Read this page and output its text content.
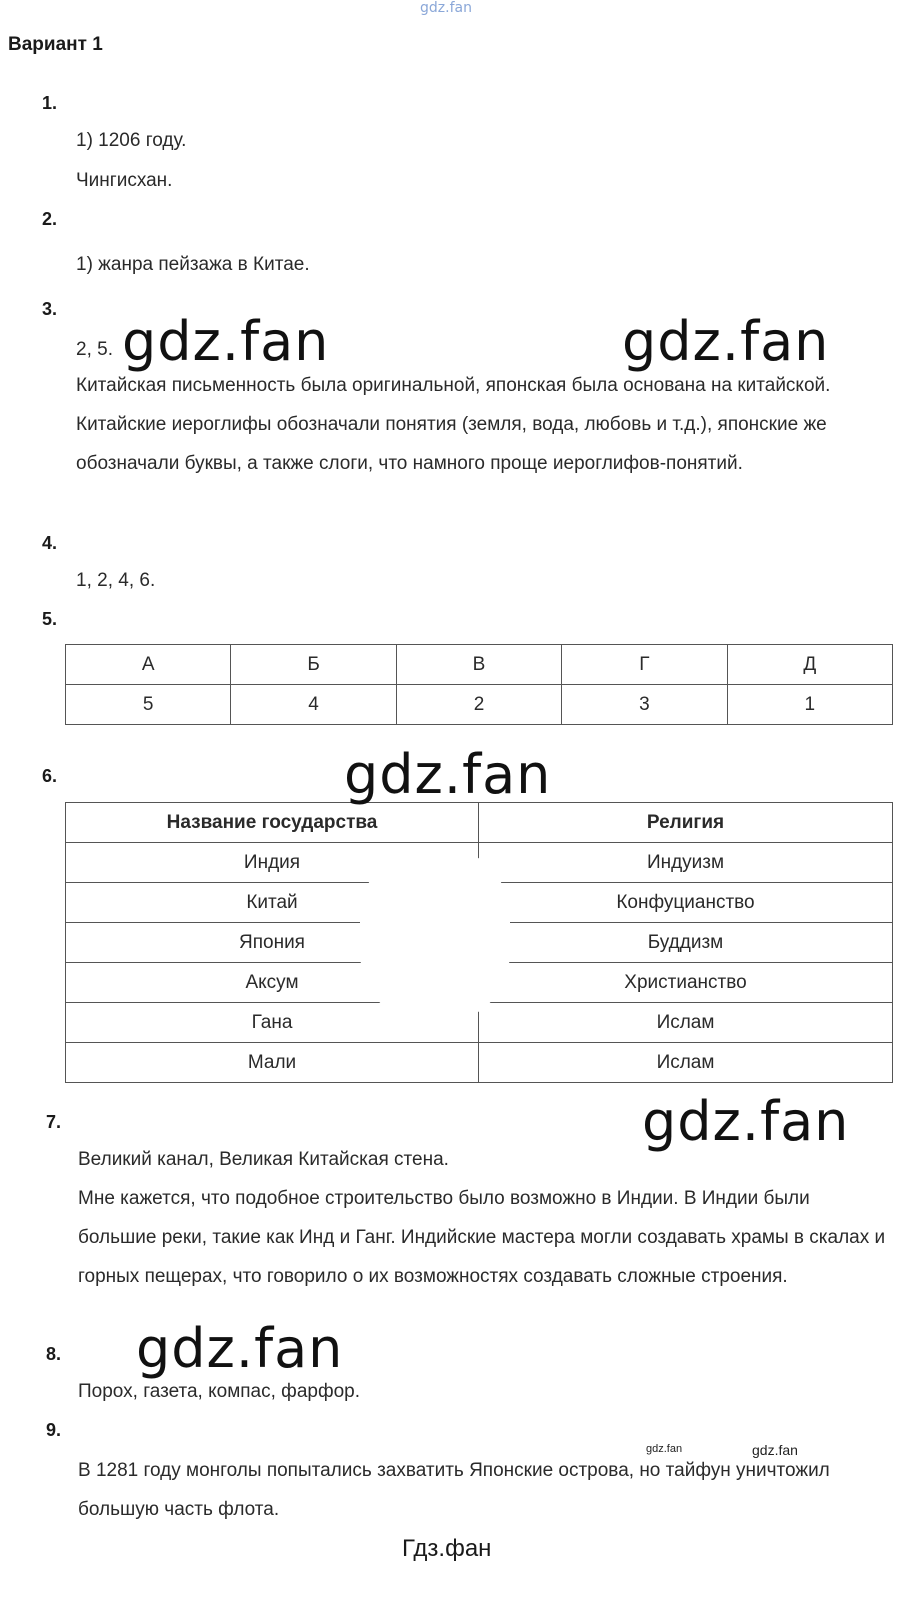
gdz.fan
Вариант 1
1.
1) 1206 году.
Чингисхан.
2.
1) жанра пейзажа в Китае.
3.
2, 5.
Китайская письменность была оригинальной, японская была основана на китайской. Китайские иероглифы обозначали понятия (земля, вода, любовь и т.д.), японские же обозначали буквы, а также слоги, что намного проще иероглифов-понятий.
4.
1, 2, 4, 6.
5.
А	Б	В	Г	Д
5	4	2	3	1
6.
Название государства	Религия
Индия	Индуизм
Китай	Конфуцианство
Япония	Буддизм
Аксум	Христианство
Гана	Ислам
Мали	Ислам
7.
Великий канал, Великая Китайская стена.
Мне кажется, что подобное строительство было возможно в Индии. В Индии были большие реки, такие как Инд и Ганг. Индийские мастера могли создавать храмы в скалах и горных пещерах, что говорило о их возможностях создавать сложные строения.
8.
Порох, газета, компас, фарфор.
9.
В 1281 году монголы попытались захватить Японские острова, но тайфун уничтожил большую часть флота.
gdz.fan	gdz.fan
gdz.fan
gdz.fan
gdz.fan
gdz.fan	gdz.fan
Гдз.фан
